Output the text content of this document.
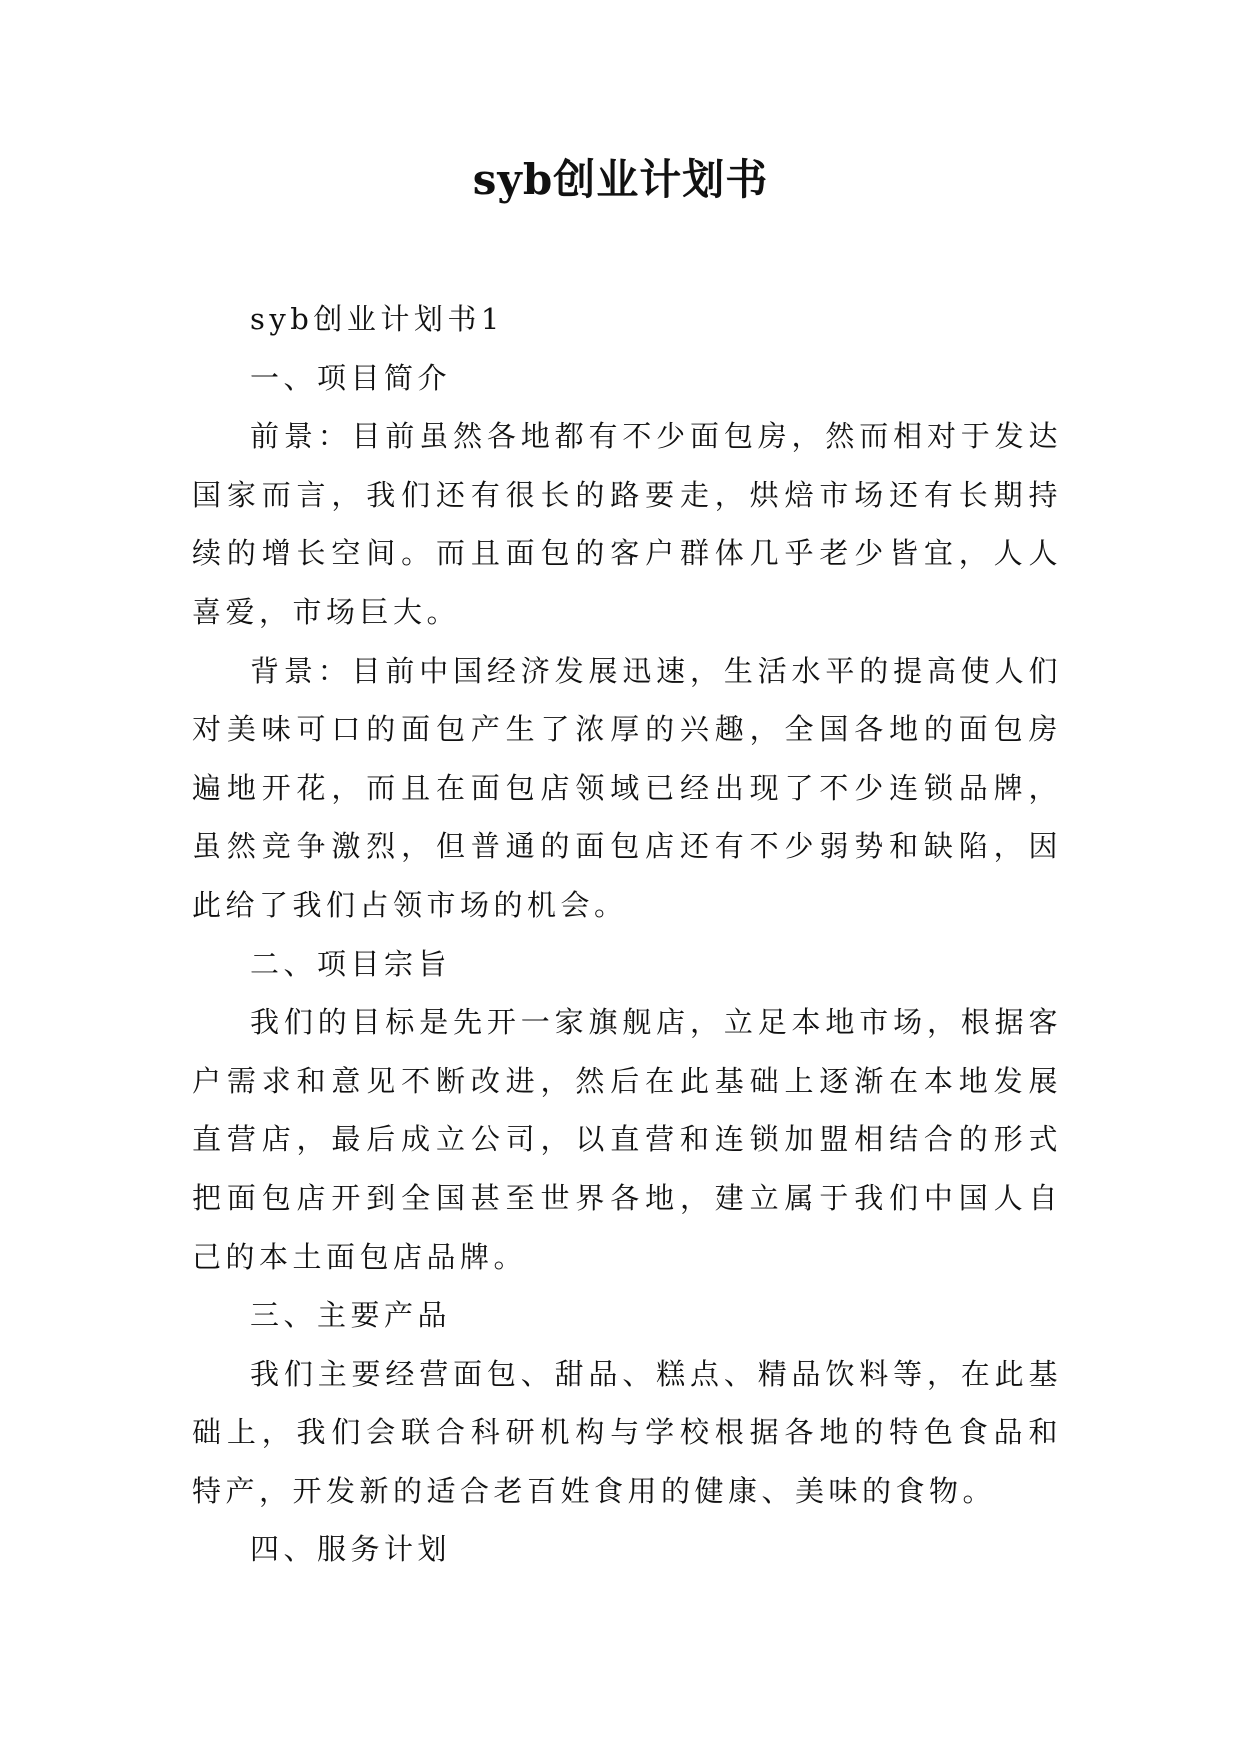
syb创业计划书

syb创业计划书1

一、项目简介

前景：目前虽然各地都有不少面包房，然而相对于发达国家而言，我们还有很长的路要走，烘焙市场还有长期持续的增长空间。而且面包的客户群体几乎老少皆宜，人人喜爱，市场巨大。

背景：目前中国经济发展迅速，生活水平的提高使人们对美味可口的面包产生了浓厚的兴趣，全国各地的面包房遍地开花，而且在面包店领域已经出现了不少连锁品牌，虽然竞争激烈，但普通的面包店还有不少弱势和缺陷，因此给了我们占领市场的机会。

二、项目宗旨

我们的目标是先开一家旗舰店，立足本地市场，根据客户需求和意见不断改进，然后在此基础上逐渐在本地发展直营店，最后成立公司，以直营和连锁加盟相结合的形式把面包店开到全国甚至世界各地，建立属于我们中国人自己的本土面包店品牌。

三、主要产品

我们主要经营面包、甜品、糕点、精品饮料等，在此基础上，我们会联合科研机构与学校根据各地的特色食品和特产，开发新的适合老百姓食用的健康、美味的食物。

四、服务计划
